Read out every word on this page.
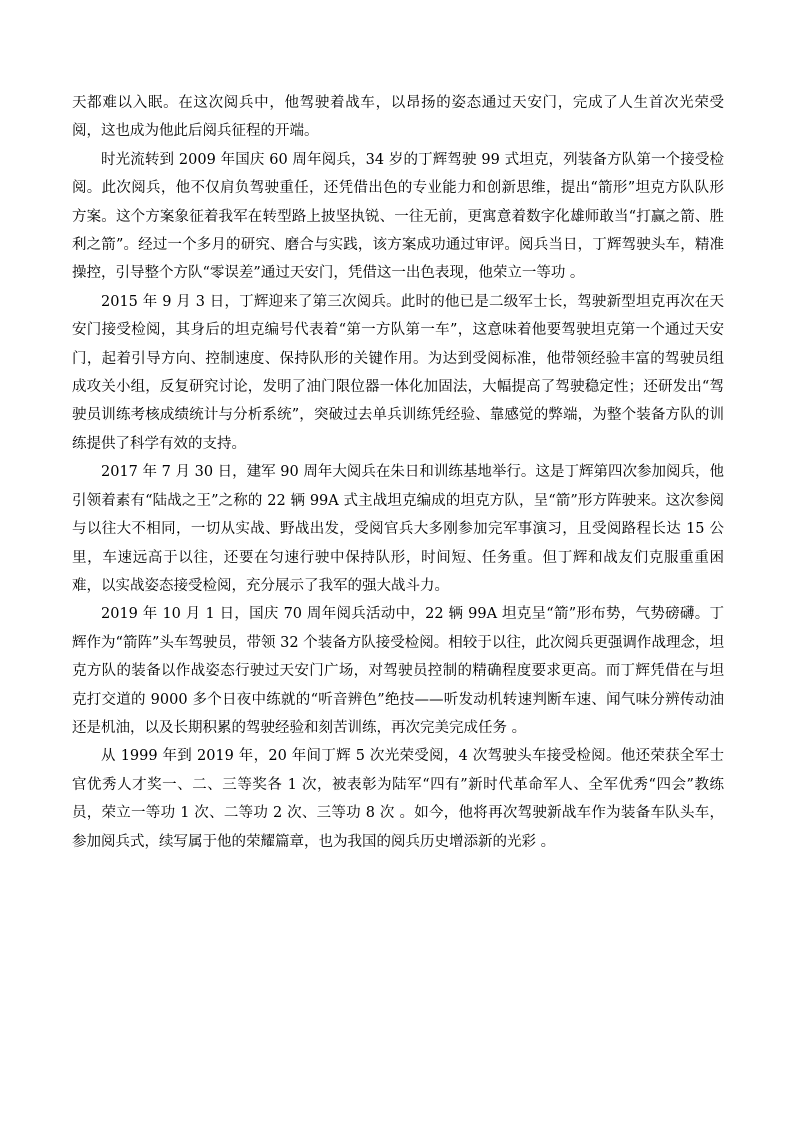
天都难以入眠。在这次阅兵中，他驾驶着战车，以昂扬的姿态通过天安门，完成了人生首次光荣受阅，这也成为他此后阅兵征程的开端。

时光流转到 2009 年国庆 60 周年阅兵，34 岁的丁辉驾驶 99 式坦克，列装备方队第一个接受检阅。此次阅兵，他不仅肩负驾驶重任，还凭借出色的专业能力和创新思维，提出“箭形”坦克方队队形方案。这个方案象征着我军在转型路上披坚执锐、一往无前，更寓意着数字化雄师敢当“打赢之箭、胜利之箭”。经过一个多月的研究、磨合与实践，该方案成功通过审评。阅兵当日，丁辉驾驶头车，精准操控，引导整个方队“零误差”通过天安门，凭借这一出色表现，他荣立一等功 。

2015 年 9 月 3 日，丁辉迎来了第三次阅兵。此时的他已是二级军士长，驾驶新型坦克再次在天安门接受检阅，其身后的坦克编号代表着“第一方队第一车”，这意味着他要驾驶坦克第一个通过天安门，起着引导方向、控制速度、保持队形的关键作用。为达到受阅标准，他带领经验丰富的驾驶员组成攻关小组，反复研究讨论，发明了油门限位器一体化加固法，大幅提高了驾驶稳定性；还研发出“驾驶员训练考核成绩统计与分析系统”，突破过去单兵训练凭经验、靠感觉的弊端，为整个装备方队的训练提供了科学有效的支持。

2017 年 7 月 30 日，建军 90 周年大阅兵在朱日和训练基地举行。这是丁辉第四次参加阅兵，他引领着素有“陆战之王”之称的 22 辆 99A 式主战坦克编成的坦克方队，呈“箭”形方阵驶来。这次参阅与以往大不相同，一切从实战、野战出发，受阅官兵大多刚参加完军事演习，且受阅路程长达 15 公里，车速远高于以往，还要在匀速行驶中保持队形，时间短、任务重。但丁辉和战友们克服重重困难，以实战姿态接受检阅，充分展示了我军的强大战斗力。

2019 年 10 月 1 日，国庆 70 周年阅兵活动中，22 辆 99A 坦克呈“箭”形布势，气势磅礴。丁辉作为“箭阵”头车驾驶员，带领 32 个装备方队接受检阅。相较于以往，此次阅兵更强调作战理念，坦克方队的装备以作战姿态行驶过天安门广场，对驾驶员控制的精确程度要求更高。而丁辉凭借在与坦克打交道的 9000 多个日夜中练就的“听音辨色”绝技——听发动机转速判断车速、闻气味分辨传动油还是机油，以及长期积累的驾驶经验和刻苦训练，再次完美完成任务 。

从 1999 年到 2019 年，20 年间丁辉 5 次光荣受阅，4 次驾驶头车接受检阅。他还荣获全军士官优秀人才奖一、二、三等奖各 1 次，被表彰为陆军“四有”新时代革命军人、全军优秀“四会”教练员，荣立一等功 1 次、二等功 2 次、三等功 8 次 。如今，他将再次驾驶新战车作为装备车队头车，参加阅兵式，续写属于他的荣耀篇章，也为我国的阅兵历史增添新的光彩 。
